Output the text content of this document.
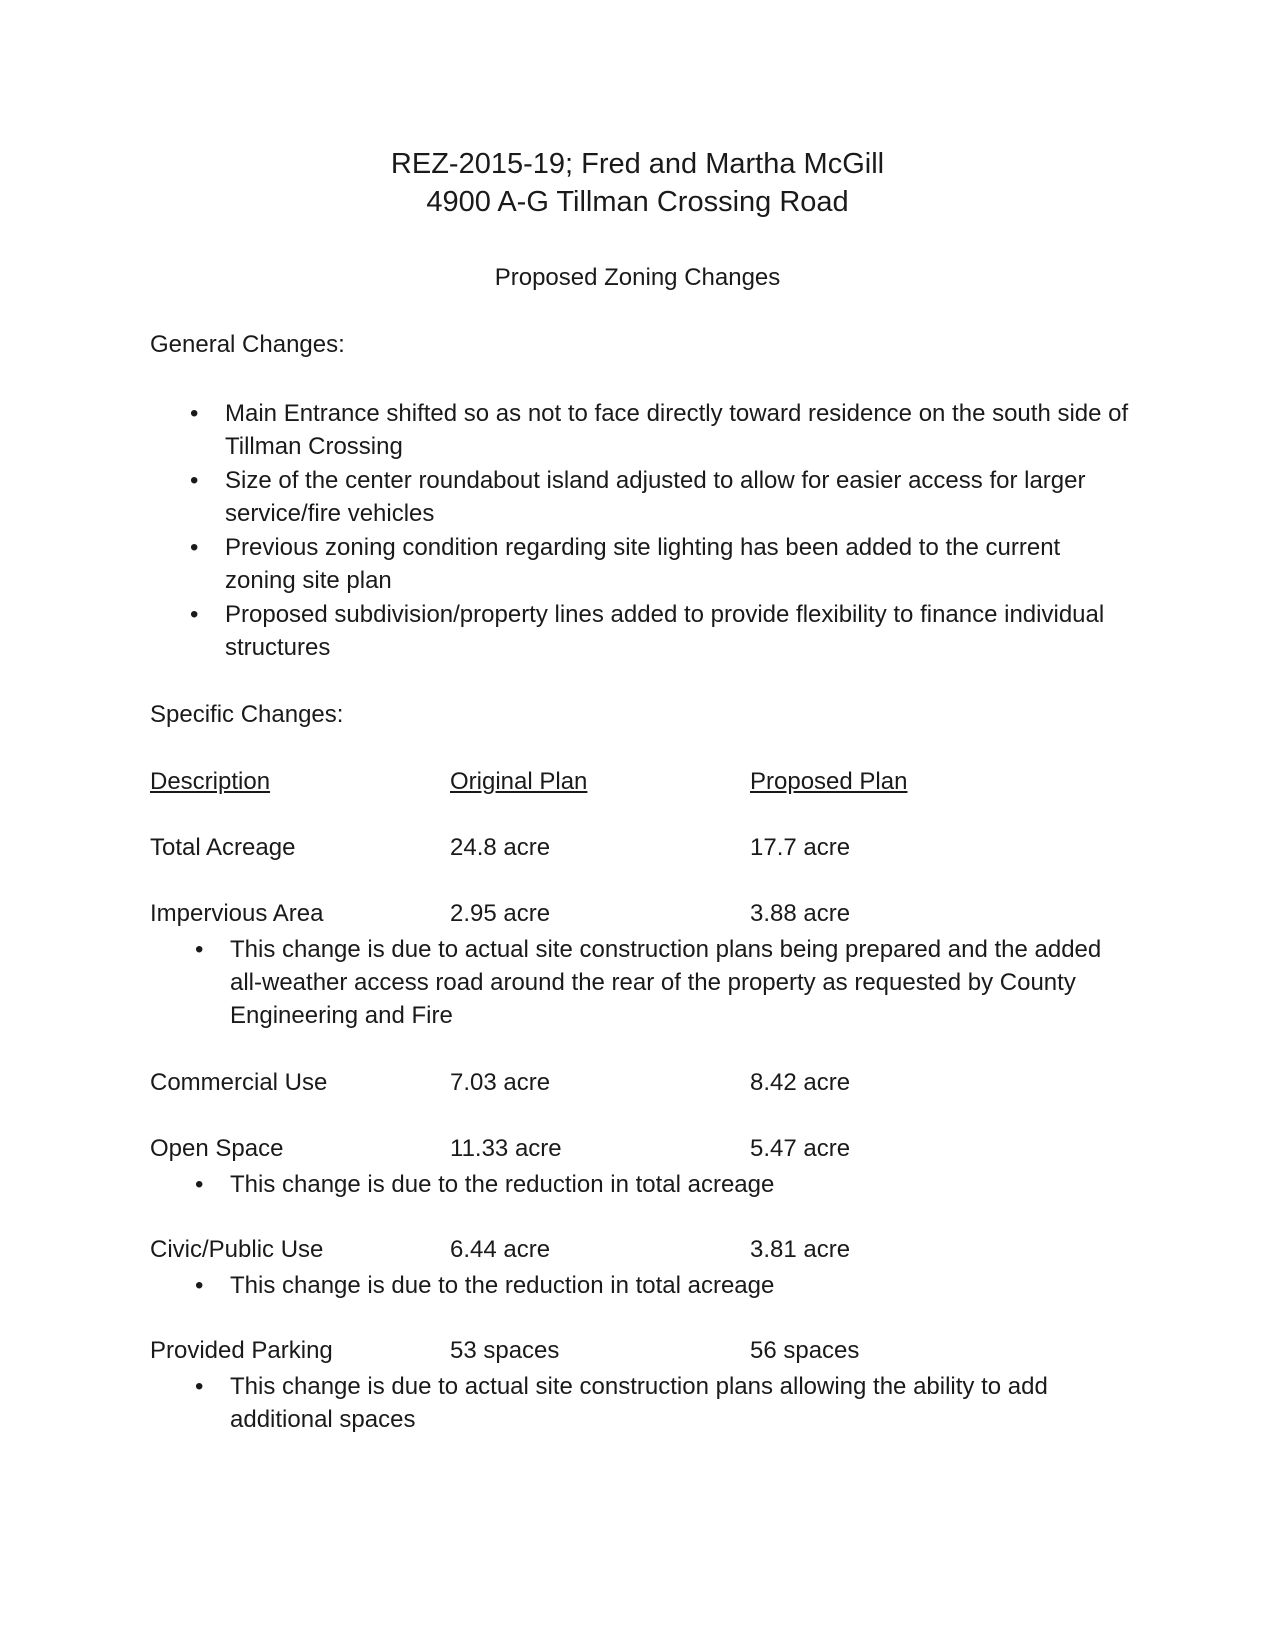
REZ-2015-19; Fred and Martha McGill
4900 A-G Tillman Crossing Road
Proposed Zoning Changes
General Changes:
• Main Entrance shifted so as not to face directly toward residence on the south side of Tillman Crossing
• Size of the center roundabout island adjusted to allow for easier access for larger service/fire vehicles
• Previous zoning condition regarding site lighting has been added to the current zoning site plan
• Proposed subdivision/property lines added to provide flexibility to finance individual structures
Specific Changes:
Description	Original Plan	Proposed Plan
Total Acreage	24.8 acre	17.7 acre
Impervious Area	2.95 acre	3.88 acre
• This change is due to actual site construction plans being prepared and the added all-weather access road around the rear of the property as requested by County Engineering and Fire
Commercial Use	7.03 acre	8.42 acre
Open Space	11.33 acre	5.47 acre
• This change is due to the reduction in total acreage
Civic/Public Use	6.44 acre	3.81 acre
• This change is due to the reduction in total acreage
Provided Parking	53 spaces	56 spaces
• This change is due to actual site construction plans allowing the ability to add additional spaces
